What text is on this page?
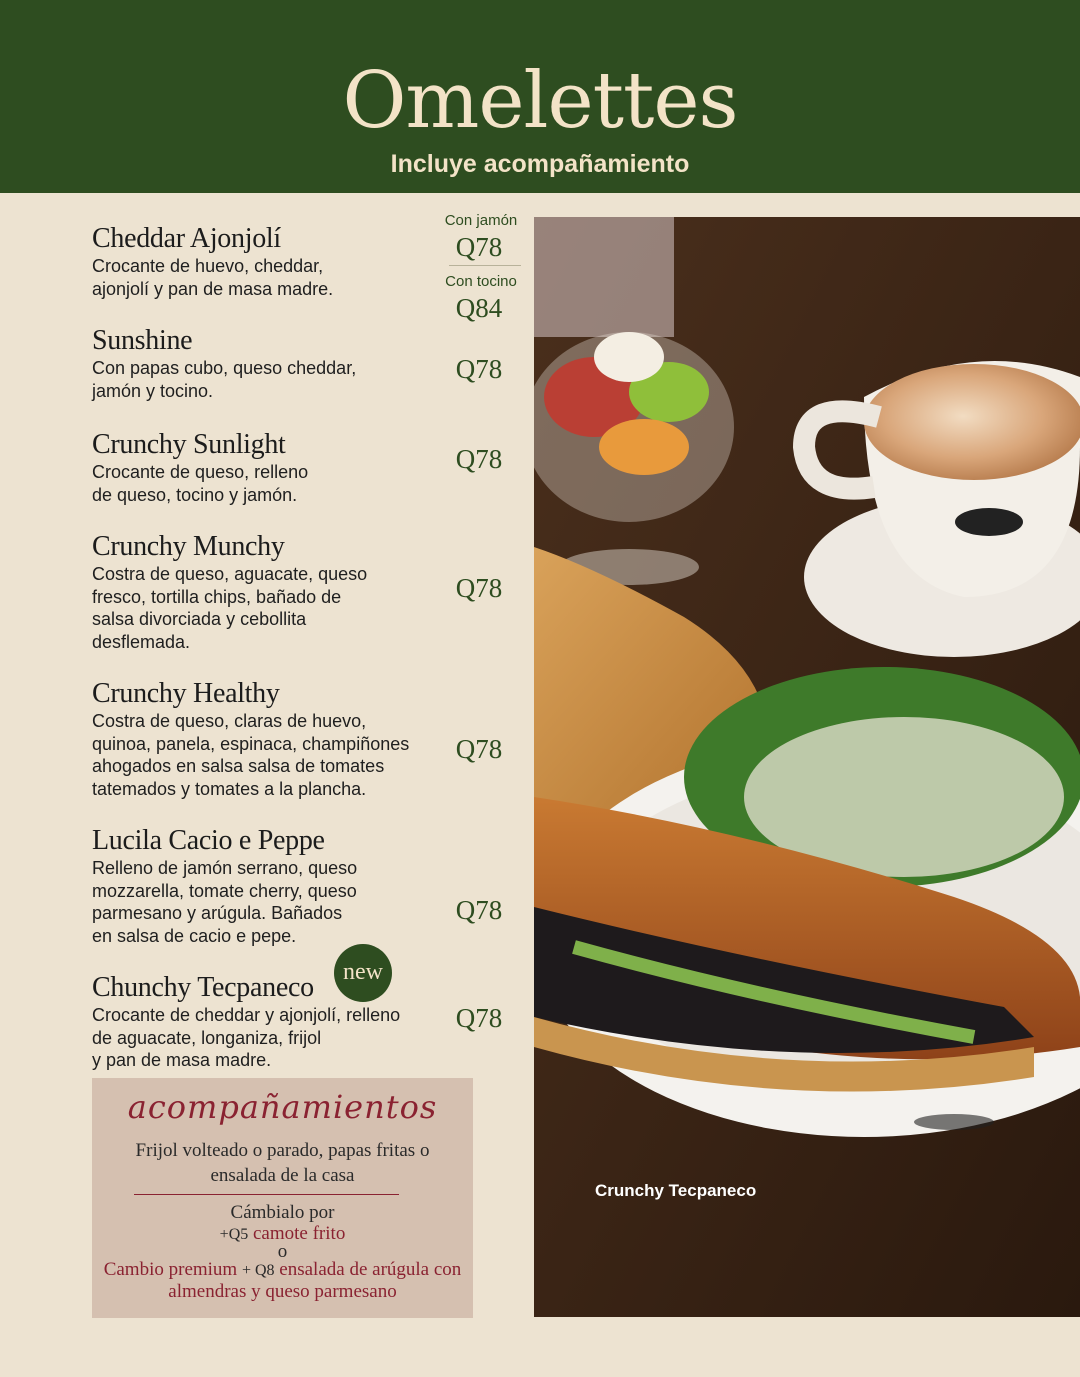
Omelettes
Incluye acompañamiento
Cheddar Ajonjolí
Crocante de huevo, cheddar,
ajonjolí y pan de masa madre.
Con jamón
Q78
Con tocino
Q84
Sunshine
Con papas cubo, queso cheddar,
jamón y tocino.
Q78
Crunchy Sunlight
Crocante de queso, relleno
de queso, tocino y jamón.
Q78
Crunchy Munchy
Costra de queso, aguacate, queso
fresco, tortilla chips, bañado de
salsa divorciada y cebollita
desflemada.
Q78
Crunchy Healthy
Costra de queso, claras de huevo,
quinoa, panela, espinaca, champiñones
ahogados en salsa salsa de tomates
tatemados y tomates a la plancha.
Q78
Lucila Cacio e Peppe
Relleno de jamón serrano, queso
mozzarella, tomate cherry, queso
parmesano y arúgula. Bañados
en salsa de cacio e pepe.
Q78
Chunchy Tecpaneco
Crocante de cheddar y ajonjolí, relleno
de aguacate, longaniza, frijol
y pan de masa madre.
new
Q78
acompañamientos
Frijol volteado o parado, papas fritas o ensalada de la casa
Cámbialo por
+Q5 camote frito
o
Cambio premium + Q8 ensalada de arúgula con almendras y queso parmesano
Crunchy Tecpaneco
